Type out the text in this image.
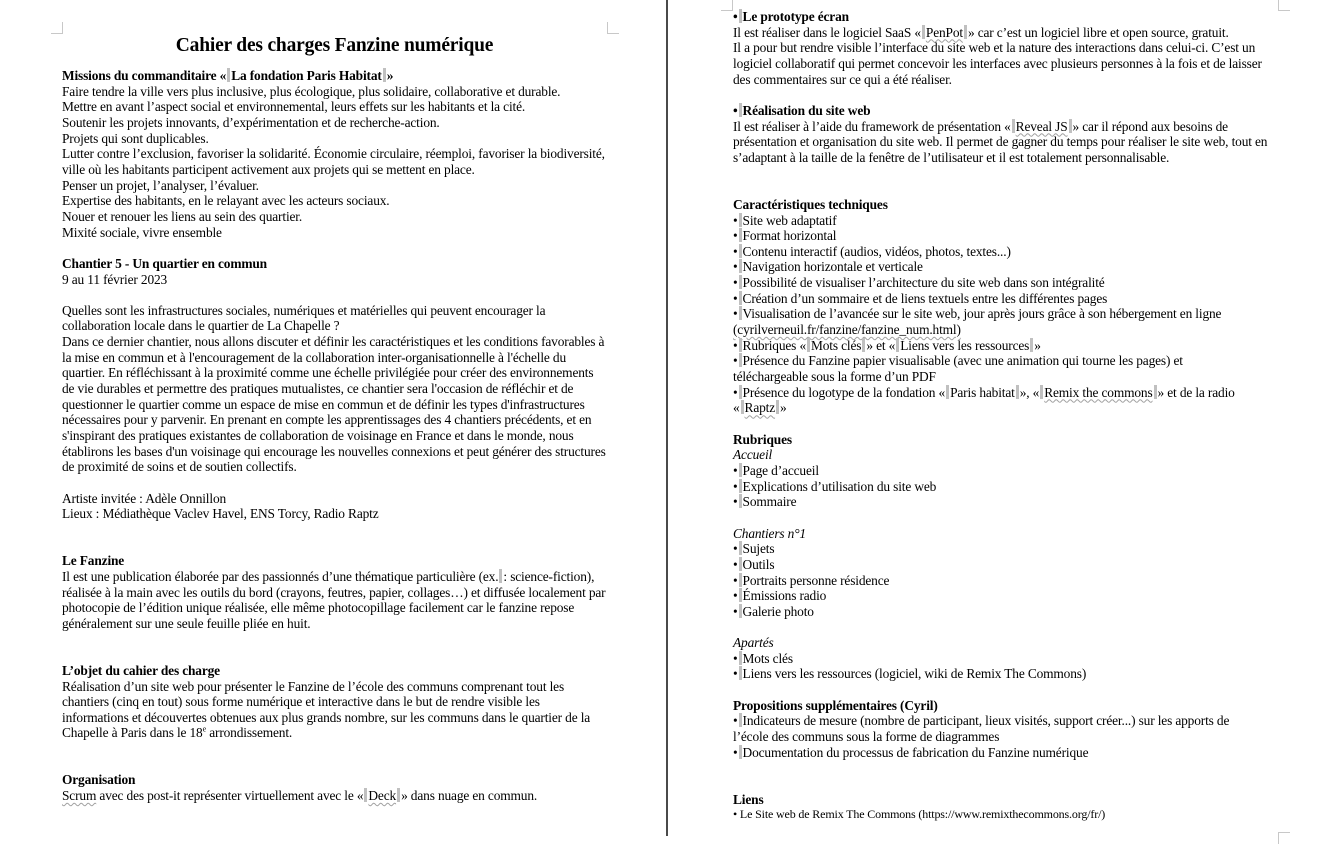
Cahier des charges Fanzine numérique

Missions du commanditaire « La fondation Paris Habitat »

Faire tendre la ville vers plus inclusive, plus écologique, plus solidaire, collaborative et durable.

Mettre en avant l’aspect social et environnemental, leurs effets sur les habitants et la cité.

Soutenir les projets innovants, d’expérimentation et de recherche-action.

Projets qui sont duplicables.

Lutter contre l’exclusion, favoriser la solidarité. Économie circulaire, réemploi, favoriser la biodiversité, ville où les habitants participent activement aux projets qui se mettent en place.

Penser un projet, l’analyser, l’évaluer.

Expertise des habitants, en le relayant avec les acteurs sociaux.

Nouer et renouer les liens au sein des quartier.

Mixité sociale, vivre ensemble

Chantier 5 - Un quartier en commun

9 au 11 février 2023

Quelles sont les infrastructures sociales, numériques et matérielles qui peuvent encourager la collaboration locale dans le quartier de La Chapelle ?

Dans ce dernier chantier, nous allons discuter et définir les caractéristiques et les conditions favorables à la mise en commun et à l'encouragement de la collaboration inter-organisationnelle à l'échelle du quartier. En réfléchissant à la proximité comme une échelle privilégiée pour créer des environnements de vie durables et permettre des pratiques mutualistes, ce chantier sera l'occasion de réfléchir et de questionner le quartier comme un espace de mise en commun et de définir les types d'infrastructures nécessaires pour y parvenir. En prenant en compte les apprentissages des 4 chantiers précédents, et en s'inspirant des pratiques existantes de collaboration de voisinage en France et dans le monde, nous établirons les bases d'un voisinage qui encourage les nouvelles connexions et peut générer des structures de proximité de soins et de soutien collectifs.

Artiste invitée : Adèle Onnillon

Lieux : Médiathèque Vaclev Havel, ENS Torcy, Radio Raptz

Le Fanzine

Il est une publication élaborée par des passionnés d’une thématique particulière (ex. : science-fiction), réalisée à la main avec les outils du bord (crayons, feutres, papier, collages…) et diffusée localement par photocopie de l’édition unique réalisée, elle même photocopillage facilement car le fanzine repose généralement sur une seule feuille pliée en huit.

L’objet du cahier des charge

Réalisation d’un site web pour présenter le Fanzine de l’école des communs comprenant tout les chantiers (cinq en tout) sous forme numérique et interactive dans le but de rendre visible les informations et découvertes obtenues aux plus grands nombre, sur les communs dans le quartier de la Chapelle à Paris dans le 18e arrondissement.

Organisation

Scrum avec des post-it représenter virtuellement avec le « Deck » dans nuage en commun.

• Le prototype écran

Il est réaliser dans le logiciel SaaS « PenPot » car c’est un logiciel libre et open source, gratuit.

Il a pour but rendre visible l’interface du site web et la nature des interactions dans celui-ci. C’est un logiciel collaboratif qui permet concevoir les interfaces avec plusieurs personnes à la fois et de laisser des commentaires sur ce qui a été réaliser.

• Réalisation du site web

Il est réaliser à l’aide du framework de présentation « Reveal JS » car il répond aux besoins de présentation et organisation du site web. Il permet de gagner du temps pour réaliser le site web, tout en s’adaptant à la taille de la fenêtre de l’utilisateur et il est totalement personnalisable.

Caractéristiques techniques

• Site web adaptatif

• Format horizontal

• Contenu interactif (audios, vidéos, photos, textes...)

• Navigation horizontale et verticale

• Possibilité de visualiser l’architecture du site web dans son intégralité

• Création d’un sommaire et de liens textuels entre les différentes pages

• Visualisation de l’avancée sur le site web, jour après jours grâce à son hébergement en ligne

(cyrilverneuil.fr/fanzine/fanzine_num.html)

• Rubriques « Mots clés » et « Liens vers les ressources »

• Présence du Fanzine papier visualisable (avec une animation qui tourne les pages) et

téléchargeable sous la forme d’un PDF

• Présence du logotype de la fondation « Paris habitat », « Remix the commons » et de la radio

« Raptz »

Rubriques

Accueil

• Page d’accueil

• Explications d’utilisation du site web

• Sommaire

Chantiers n°1

• Sujets

• Outils

• Portraits personne résidence

• Émissions radio

• Galerie photo

Apartés

• Mots clés

• Liens vers les ressources (logiciel, wiki de Remix The Commons)

Propositions supplémentaires (Cyril)

• Indicateurs de mesure (nombre de participant, lieux visités, support créer...) sur les apports de

l’école des communs sous la forme de diagrammes

• Documentation du processus de fabrication du Fanzine numérique

Liens

• Le Site web de Remix The Commons (https://www.remixthecommons.org/fr/)
